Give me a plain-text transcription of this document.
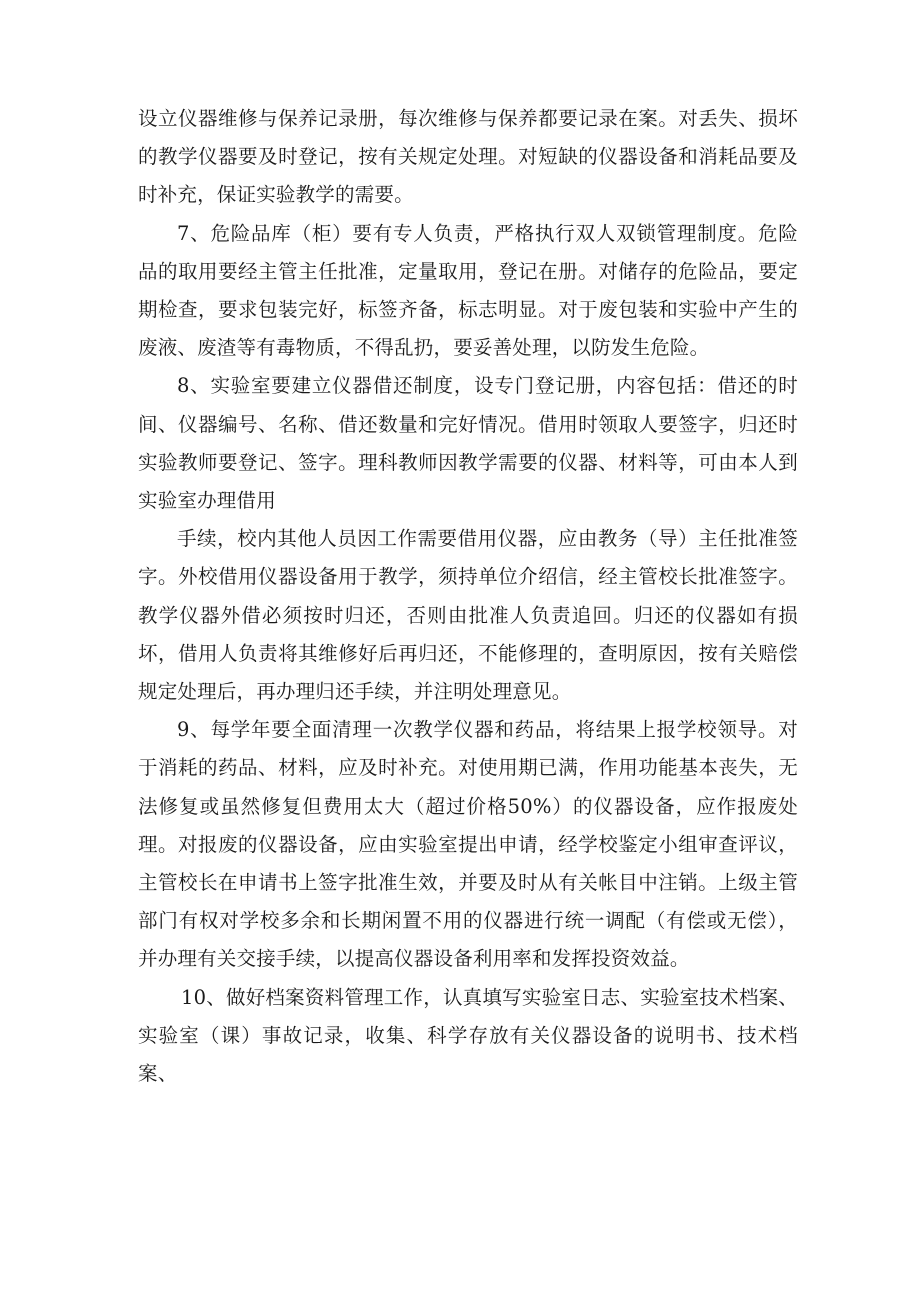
设立仪器维修与保养记录册，每次维修与保养都要记录在案。对丢失、损坏的教学仪器要及时登记，按有关规定处理。对短缺的仪器设备和消耗品要及时补充，保证实验教学的需要。

7、危险品库（柜）要有专人负责，严格执行双人双锁管理制度。危险品的取用要经主管主任批准，定量取用，登记在册。对储存的危险品，要定期检查，要求包装完好，标签齐备，标志明显。对于废包装和实验中产生的废液、废渣等有毒物质，不得乱扔，要妥善处理，以防发生危险。

8、实验室要建立仪器借还制度，设专门登记册，内容包括：借还的时间、仪器编号、名称、借还数量和完好情况。借用时领取人要签字，归还时实验教师要登记、签字。理科教师因教学需要的仪器、材料等，可由本人到实验室办理借用

手续，校内其他人员因工作需要借用仪器，应由教务（导）主任批准签字。外校借用仪器设备用于教学，须持单位介绍信，经主管校长批准签字。教学仪器外借必须按时归还，否则由批准人负责追回。归还的仪器如有损坏，借用人负责将其维修好后再归还，不能修理的，查明原因，按有关赔偿规定处理后，再办理归还手续，并注明处理意见。

9、每学年要全面清理一次教学仪器和药品，将结果上报学校领导。对于消耗的药品、材料，应及时补充。对使用期已满，作用功能基本丧失，无法修复或虽然修复但费用太大（超过价格50%）的仪器设备，应作报废处理。对报废的仪器设备，应由实验室提出申请，经学校鉴定小组审查评议，主管校长在申请书上签字批准生效，并要及时从有关帐目中注销。上级主管部门有权对学校多余和长期闲置不用的仪器进行统一调配（有偿或无偿），并办理有关交接手续，以提高仪器设备利用率和发挥投资效益。

10、做好档案资料管理工作，认真填写实验室日志、实验室技术档案、实验室（课）事故记录，收集、科学存放有关仪器设备的说明书、技术档案、
